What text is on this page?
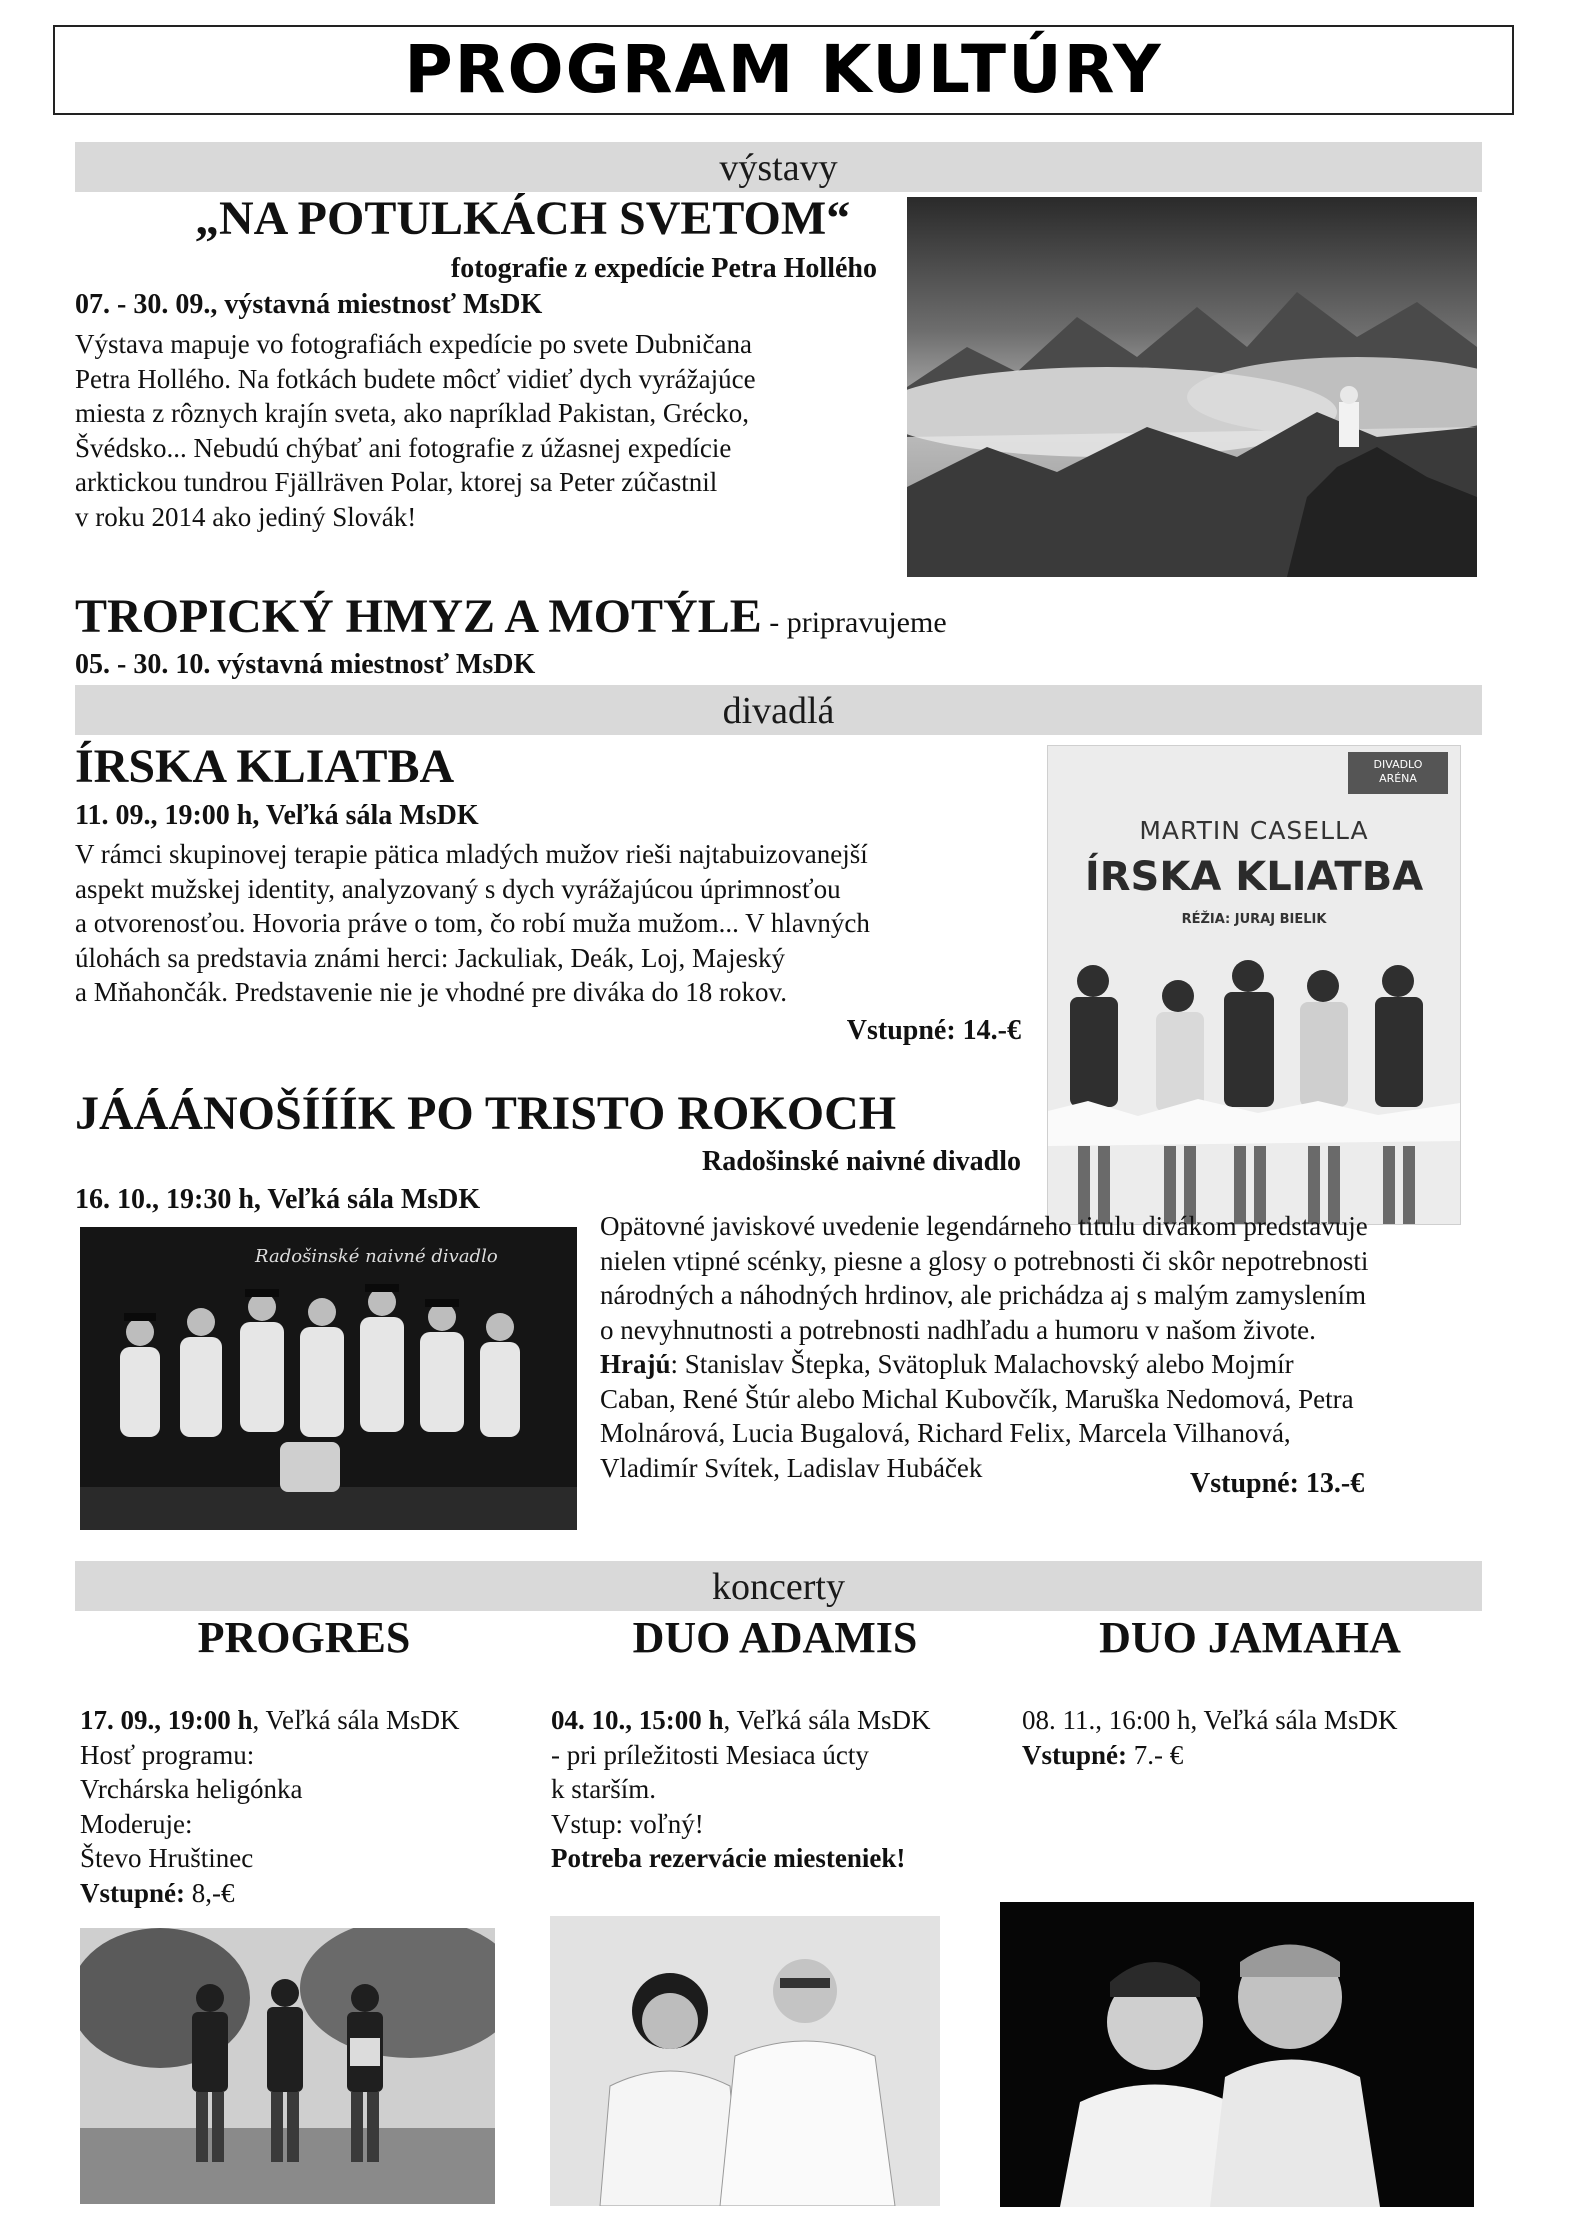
PROGRAM KULTÚRY
výstavy
„NA POTULKÁCH SVETOM“
fotografie z expedície Petra Hollého
07. - 30. 09., výstavná miestnosť MsDK
Výstava mapuje vo fotografiách expedície po svete Dubničana
Petra Hollého. Na fotkách budete môcť vidieť dych vyrážajúce
miesta z rôznych krajín sveta, ako napríklad Pakistan, Grécko,
Švédsko... Nebudú chýbať ani fotografie z úžasnej expedície
arktickou tundrou Fjällräven Polar, ktorej sa Peter zúčastnil
v roku 2014 ako jediný Slovák!
TROPICKÝ HMYZ A MOTÝLE - pripravujeme
05. - 30. 10. výstavná miestnosť MsDK
divadlá
ÍRSKA KLIATBA
11. 09., 19:00 h, Veľká sála MsDK
V rámci skupinovej terapie pätica mladých mužov rieši najtabuizovanejší
aspekt mužskej identity, analyzovaný s dych vyrážajúcou úprimnosťou
a otvorenosťou. Hovoria práve o tom, čo robí muža mužom... V hlavných
úlohách sa predstavia známi herci: Jackuliak, Deák, Loj, Majeský
a Mňahončák. Predstavenie nie je vhodné pre diváka do 18 rokov.
Vstupné: 14.-€
DIVADLO
ARÉNA
MARTIN CASELLA
ÍRSKA KLIATBA
RÉŽIA: JURAJ BIELIK
JÁÁÁNOŠÍÍÍK PO TRISTO ROKOCH
Radošinské naivné divadlo
16. 10., 19:30 h, Veľká sála MsDK
Radošinské naivné divadlo
Opätovné javiskové uvedenie legendárneho titulu divákom predstavuje
nielen vtipné scénky, piesne a glosy o potrebnosti či skôr nepotrebnosti
národných a náhodných hrdinov, ale prichádza aj s malým zamyslením
o nevyhnutnosti a potrebnosti nadhľadu a humoru v našom živote.
Hrajú: Stanislav Štepka, Svätopluk Malachovský alebo Mojmír
Caban, René Štúr alebo Michal Kubovčík, Maruška Nedomová, Petra
Molnárová, Lucia Bugalová, Richard Felix, Marcela Vilhanová,
Vladimír Svítek, Ladislav Hubáček
Vstupné: 13.-€
koncerty
PROGRES	DUO ADAMIS	DUO JAMAHA
17. 09., 19:00 h, Veľká sála MsDK
Hosť programu:
Vrchárska heligónka
Moderuje:
Števo Hruštinec
Vstupné: 8,-€
04. 10., 15:00 h, Veľká sála MsDK
- pri príležitosti Mesiaca úcty
k starším.
Vstup: voľný!
Potreba rezervácie miesteniek!
08. 11., 16:00 h, Veľká sála MsDK
Vstupné: 7.- €
